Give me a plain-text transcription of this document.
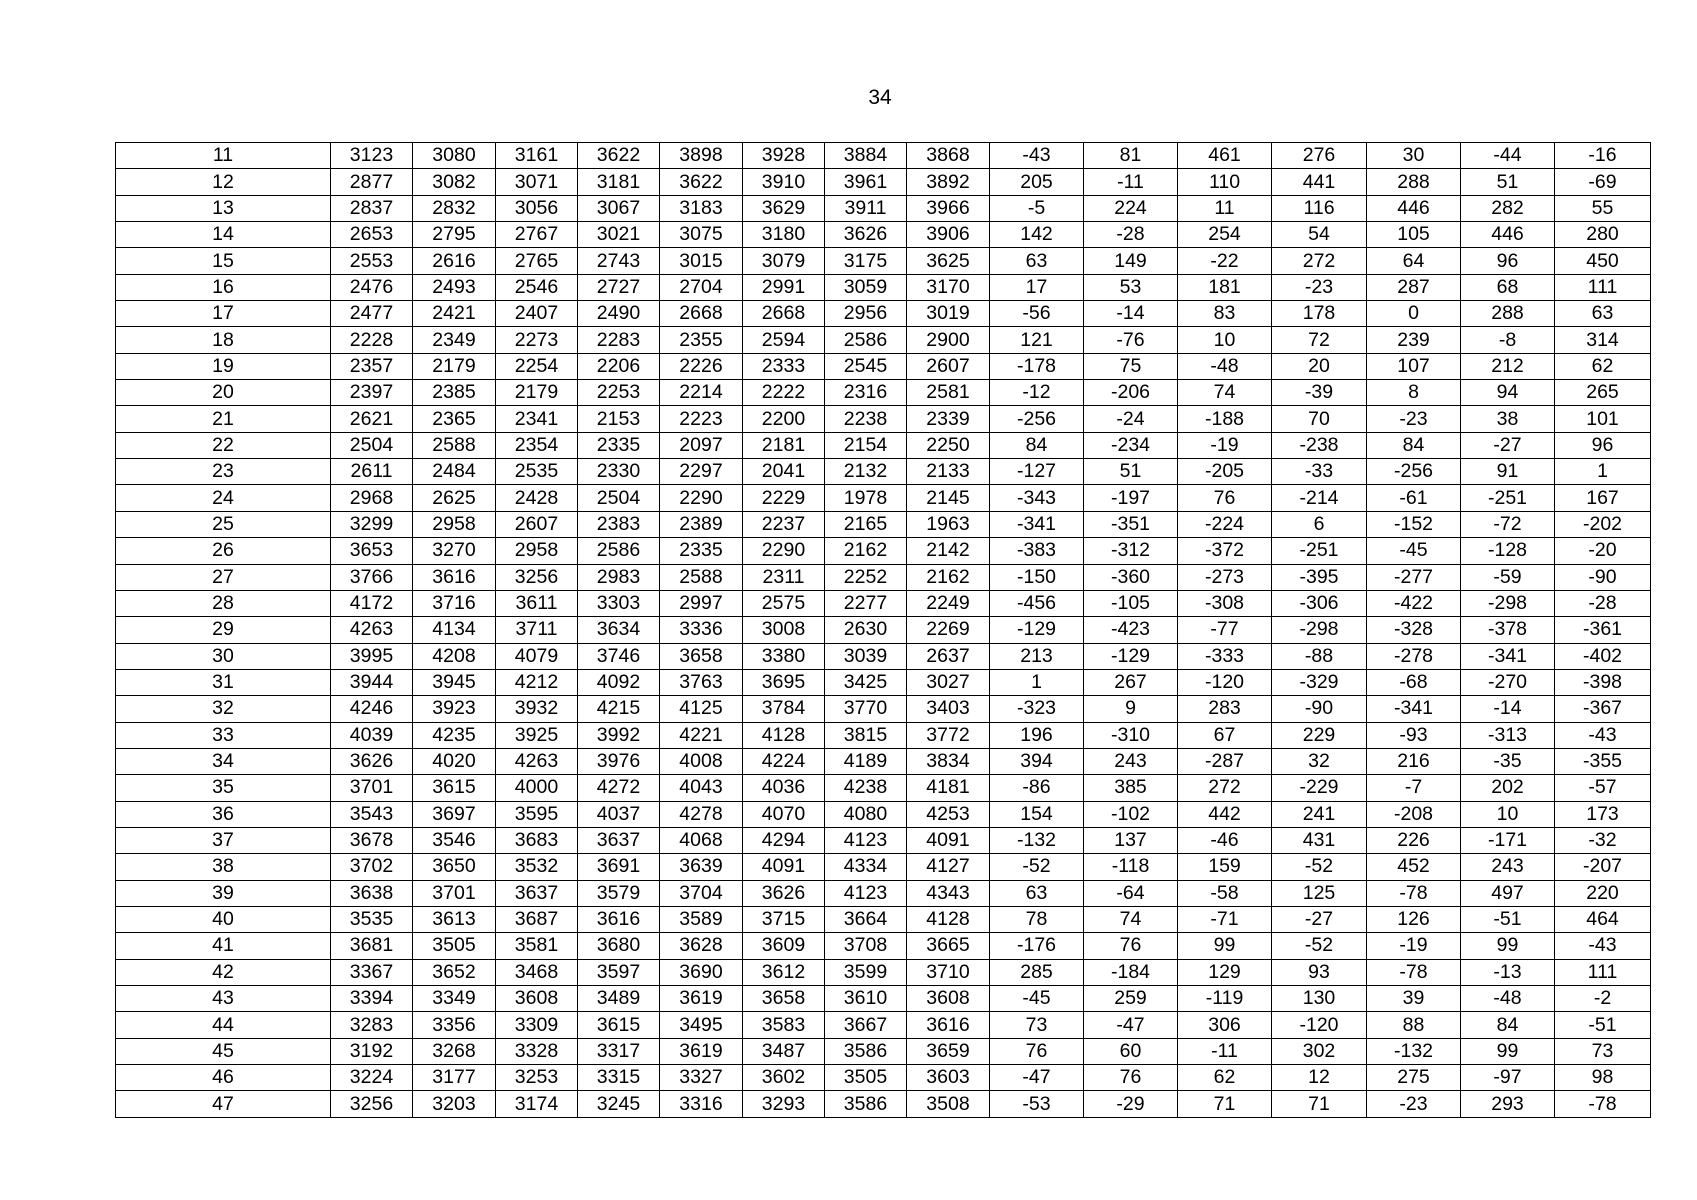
34
11	3123	3080	3161	3622	3898	3928	3884	3868	-43	81	461	276	30	-44	-16
12	2877	3082	3071	3181	3622	3910	3961	3892	205	-11	110	441	288	51	-69
13	2837	2832	3056	3067	3183	3629	3911	3966	-5	224	11	116	446	282	55
14	2653	2795	2767	3021	3075	3180	3626	3906	142	-28	254	54	105	446	280
15	2553	2616	2765	2743	3015	3079	3175	3625	63	149	-22	272	64	96	450
16	2476	2493	2546	2727	2704	2991	3059	3170	17	53	181	-23	287	68	111
17	2477	2421	2407	2490	2668	2668	2956	3019	-56	-14	83	178	0	288	63
18	2228	2349	2273	2283	2355	2594	2586	2900	121	-76	10	72	239	-8	314
19	2357	2179	2254	2206	2226	2333	2545	2607	-178	75	-48	20	107	212	62
20	2397	2385	2179	2253	2214	2222	2316	2581	-12	-206	74	-39	8	94	265
21	2621	2365	2341	2153	2223	2200	2238	2339	-256	-24	-188	70	-23	38	101
22	2504	2588	2354	2335	2097	2181	2154	2250	84	-234	-19	-238	84	-27	96
23	2611	2484	2535	2330	2297	2041	2132	2133	-127	51	-205	-33	-256	91	1
24	2968	2625	2428	2504	2290	2229	1978	2145	-343	-197	76	-214	-61	-251	167
25	3299	2958	2607	2383	2389	2237	2165	1963	-341	-351	-224	6	-152	-72	-202
26	3653	3270	2958	2586	2335	2290	2162	2142	-383	-312	-372	-251	-45	-128	-20
27	3766	3616	3256	2983	2588	2311	2252	2162	-150	-360	-273	-395	-277	-59	-90
28	4172	3716	3611	3303	2997	2575	2277	2249	-456	-105	-308	-306	-422	-298	-28
29	4263	4134	3711	3634	3336	3008	2630	2269	-129	-423	-77	-298	-328	-378	-361
30	3995	4208	4079	3746	3658	3380	3039	2637	213	-129	-333	-88	-278	-341	-402
31	3944	3945	4212	4092	3763	3695	3425	3027	1	267	-120	-329	-68	-270	-398
32	4246	3923	3932	4215	4125	3784	3770	3403	-323	9	283	-90	-341	-14	-367
33	4039	4235	3925	3992	4221	4128	3815	3772	196	-310	67	229	-93	-313	-43
34	3626	4020	4263	3976	4008	4224	4189	3834	394	243	-287	32	216	-35	-355
35	3701	3615	4000	4272	4043	4036	4238	4181	-86	385	272	-229	-7	202	-57
36	3543	3697	3595	4037	4278	4070	4080	4253	154	-102	442	241	-208	10	173
37	3678	3546	3683	3637	4068	4294	4123	4091	-132	137	-46	431	226	-171	-32
38	3702	3650	3532	3691	3639	4091	4334	4127	-52	-118	159	-52	452	243	-207
39	3638	3701	3637	3579	3704	3626	4123	4343	63	-64	-58	125	-78	497	220
40	3535	3613	3687	3616	3589	3715	3664	4128	78	74	-71	-27	126	-51	464
41	3681	3505	3581	3680	3628	3609	3708	3665	-176	76	99	-52	-19	99	-43
42	3367	3652	3468	3597	3690	3612	3599	3710	285	-184	129	93	-78	-13	111
43	3394	3349	3608	3489	3619	3658	3610	3608	-45	259	-119	130	39	-48	-2
44	3283	3356	3309	3615	3495	3583	3667	3616	73	-47	306	-120	88	84	-51
45	3192	3268	3328	3317	3619	3487	3586	3659	76	60	-11	302	-132	99	73
46	3224	3177	3253	3315	3327	3602	3505	3603	-47	76	62	12	275	-97	98
47	3256	3203	3174	3245	3316	3293	3586	3508	-53	-29	71	71	-23	293	-78
